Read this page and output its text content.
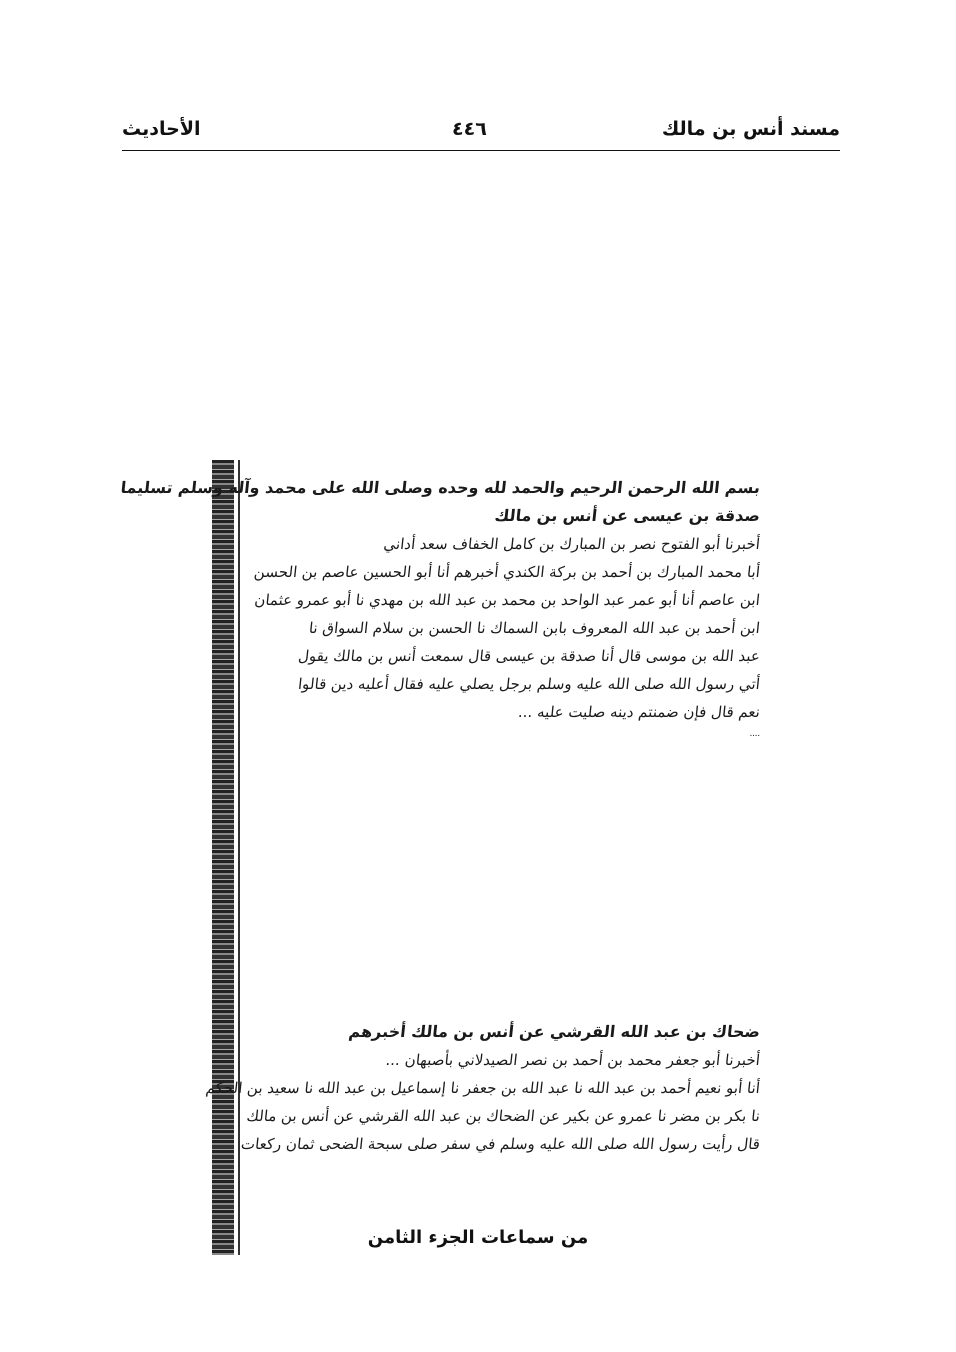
مسند أنس بن مالك
٤٤٦
الأحاديث
بسم الله الرحمن الرحيم والحمد لله وحده وصلى الله على محمد وآله وسلم تسليما
صدقة بن عيسى عن أنس بن مالك
أخبرنا أبو الفتوح نصر بن المبارك بن كامل الخفاف سعد أداني
أبا محمد المبارك بن أحمد بن بركة الكندي أخبرهم أنا أبو الحسين عاصم بن الحسن
ابن عاصم أنا أبو عمر عبد الواحد بن محمد بن عبد الله بن مهدي نا أبو عمرو عثمان
ابن أحمد بن عبد الله المعروف بابن السماك نا الحسن بن سلام السواق نا
عبد الله بن موسى قال أنا صدقة بن عيسى قال سمعت أنس بن مالك يقول
أتي رسول الله صلى الله عليه وسلم برجل يصلي عليه فقال أعليه دين قالوا
نعم قال فإن ضمنتم دينه صليت عليه ...
....
ضحاك بن عبد الله القرشي عن أنس بن مالك أخبرهم
أخبرنا أبو جعفر محمد بن أحمد بن نصر الصيدلاني بأصبهان ...
أنا أبو نعيم أحمد بن عبد الله نا عبد الله بن جعفر نا إسماعيل بن عبد الله نا سعيد بن الحكم
نا بكر بن مضر نا عمرو عن بكير عن الضحاك بن عبد الله القرشي عن أنس بن مالك
قال رأيت رسول الله صلى الله عليه وسلم في سفر صلى سبحة الضحى ثمان ركعات
من سماعات الجزء الثامن
